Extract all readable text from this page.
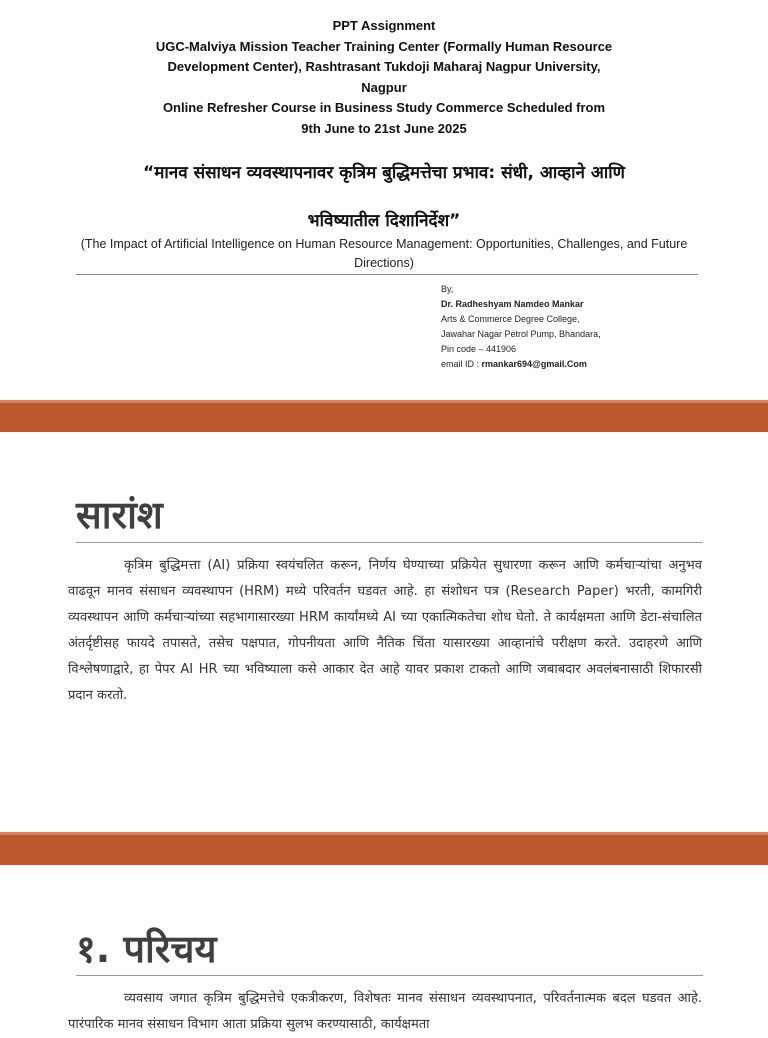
PPT Assignment
UGC-Malviya Mission Teacher Training Center (Formally Human Resource
Development Center), Rashtrasant Tukdoji Maharaj Nagpur University,
Nagpur
Online Refresher Course in Business Study Commerce Scheduled from
9th June to 21st June 2025
“मानव संसाधन व्यवस्थापनावर कृत्रिम बुद्धिमत्तेचा प्रभाव: संधी, आव्हाने आणि
भविष्यातील दिशानिर्देश”
(The Impact of Artificial Intelligence on Human Resource Management: Opportunities, Challenges, and Future Directions)
By,
Dr. Radheshyam Namdeo Mankar
Arts & Commerce Degree College,
Jawahar Nagar Petrol Pump, Bhandara,
Pin code – 441906
email ID : rmankar694@gmail.Com
सारांश
कृत्रिम बुद्धिमत्ता (AI) प्रक्रिया स्वयंचलित करून, निर्णय घेण्याच्या प्रक्रियेत सुधारणा करून आणि कर्मचाऱ्यांचा अनुभव वाढवून मानव संसाधन व्यवस्थापन (HRM) मध्ये परिवर्तन घडवत आहे. हा संशोधन पत्र (Research Paper) भरती, कामगिरी व्यवस्थापन आणि कर्मचाऱ्यांच्या सहभागासारख्या HRM कार्यांमध्ये AI च्या एकात्मिकतेचा शोध घेतो. ते कार्यक्षमता आणि डेटा-संचालित अंतर्दृष्टीसह फायदे तपासते, तसेच पक्षपात, गोपनीयता आणि नैतिक चिंता यासारख्या आव्हानांचे परीक्षण करते. उदाहरणे आणि विश्लेषणाद्वारे, हा पेपर AI HR च्या भविष्याला कसे आकार देत आहे यावर प्रकाश टाकतो आणि जबाबदार अवलंबनासाठी शिफारसी प्रदान करतो.
१. परिचय
व्यवसाय जगात कृत्रिम बुद्धिमत्तेचे एकत्रीकरण, विशेषतः मानव संसाधन व्यवस्थापनात, परिवर्तनात्मक बदल घडवत आहे. पारंपारिक मानव संसाधन विभाग आता प्रक्रिया सुलभ करण्यासाठी, कार्यक्षमता
